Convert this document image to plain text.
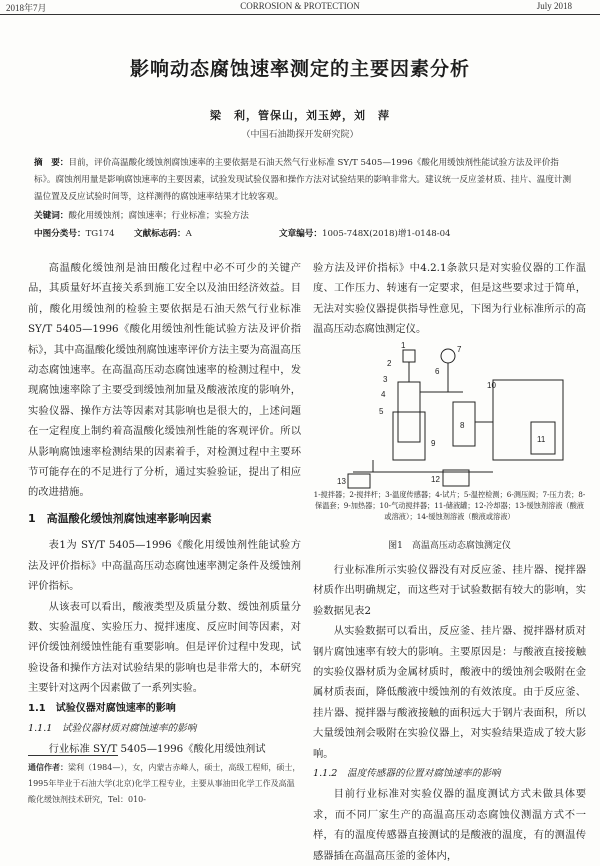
2018年7月	CORROSION & PROTECTION	July 2018
影响动态腐蚀速率测定的主要因素分析
梁　利，管保山，刘玉婷，刘　萍
（中国石油勘探开发研究院）
摘　要：目前，评价高温酸化缓蚀剂腐蚀速率的主要依据是石油天然气行业标准 SY/T 5405—1996《酸化用缓蚀剂性能试验方法及评价指标》。腐蚀剂用量是影响腐蚀速率的主要因素，试验发现试验仪器和操作方法对试验结果的影响非常大。建议统一反应釜材质、挂片、温度计测温位置及反应试验时间等，这样测得的腐蚀速率结果才比较客观。
关键词：酸化用缓蚀剂；腐蚀速率；行业标准；实验方法
中图分类号：TG174 文献标志码：A	文章编号：1005-748X(2018)增1-0148-04

高温酸化缓蚀剂是油田酸化过程中必不可少的关键产品，其质量好坏直接关系到施工安全以及油田经济效益。目前，酸化用缓蚀剂的检验主要依据是石油天然气行业标准 SY/T 5405—1996《酸化用缓蚀剂性能试验方法及评价指标》，其中高温酸化缓蚀剂腐蚀速率评价方法主要为高温高压动态腐蚀速率。在高温高压动态腐蚀速率的检测过程中，发现腐蚀速率除了主要受到缓蚀剂加量及酸液浓度的影响外，实验仪器、操作方法等因素对其影响也是很大的，上述问题在一定程度上制约着高温酸化缓蚀剂性能的客观评价。所以从影响腐蚀速率检测结果的因素着手，对检测过程中主要环节可能存在的不足进行了分析，通过实验验证，提出了相应的改进措施。

1　高温酸化缓蚀剂腐蚀速率影响因素

表1为 SY/T 5405—1996《酸化用缓蚀剂性能试验方法及评价指标》中高温高压动态腐蚀速率测定条件及缓蚀剂评价指标。

从该表可以看出，酸液类型及质量分数、缓蚀剂质量分数、实验温度、实验压力、搅拌速度、反应时间等因素，对评价缓蚀剂缓蚀性能有重要影响。但是评价过程中发现，试验设备和操作方法对试验结果的影响也是非常大的，本研究主要针对这两个因素做了一系列实验。

1.1　试验仪器对腐蚀速率的影响

1.1.1　试验仪器材质对腐蚀速率的影响

行业标准 SY/T 5405—1996《酸化用缓蚀剂试

验方法及评价指标》中4.2.1条款只是对实验仪器的工作温度、工作压力、转速有一定要求，但是这些要求过于简单，无法对实验仪器提供指导性意见，下图为行业标准所示的高温高压动态腐蚀测定仪。

1
2
3
4
5
6
7
8
9
10
11
12
13
1-搅拌器；2-搅拌杆；3-温度传感器；4-试片；5-温控检测；6-测压阀；7-压力表；8-保温套；9-加热器；10-气动搅拌器；11-储液罐；12-冷却器；13-缓蚀剂溶液（酸液或溶液）；14-缓蚀剂溶液（酸液或溶液）
图1　高温高压动态腐蚀测定仪

行业标准所示实验仪器没有对反应釜、挂片器、搅拌器材质作出明确规定，而这些对于试验数据有较大的影响，实验数据见表2

从实验数据可以看出，反应釜、挂片器、搅拌器材质对钢片腐蚀速率有较大的影响。主要原因是：与酸液直接接触的实验仪器材质为金属材质时，酸液中的缓蚀剂会吸附在金属材质表面，降低酸液中缓蚀剂的有效浓度。由于反应釜、挂片器、搅拌器与酸液接触的面积远大于钢片表面积，所以大量缓蚀剂会吸附在实验仪器上，对实验结果造成了较大影响。

1.1.2　温度传感器的位置对腐蚀速率的影响

目前行业标准对实验仪器的温度测试方式未做具体要求，而不同厂家生产的高温高压动态腐蚀仪测温方式不一样，有的温度传感器直接测试的是酸液的温度，有的测温传感器插在高温高压釜的釜体内，

通信作者：梁利（1984—），女，内蒙古赤峰人，硕士，高级工程师，硕士，1995年毕业于石油大学(北京)化学工程专业，主要从事油田化学工作及高温酸化缓蚀剂技术研究，Tel：010-
